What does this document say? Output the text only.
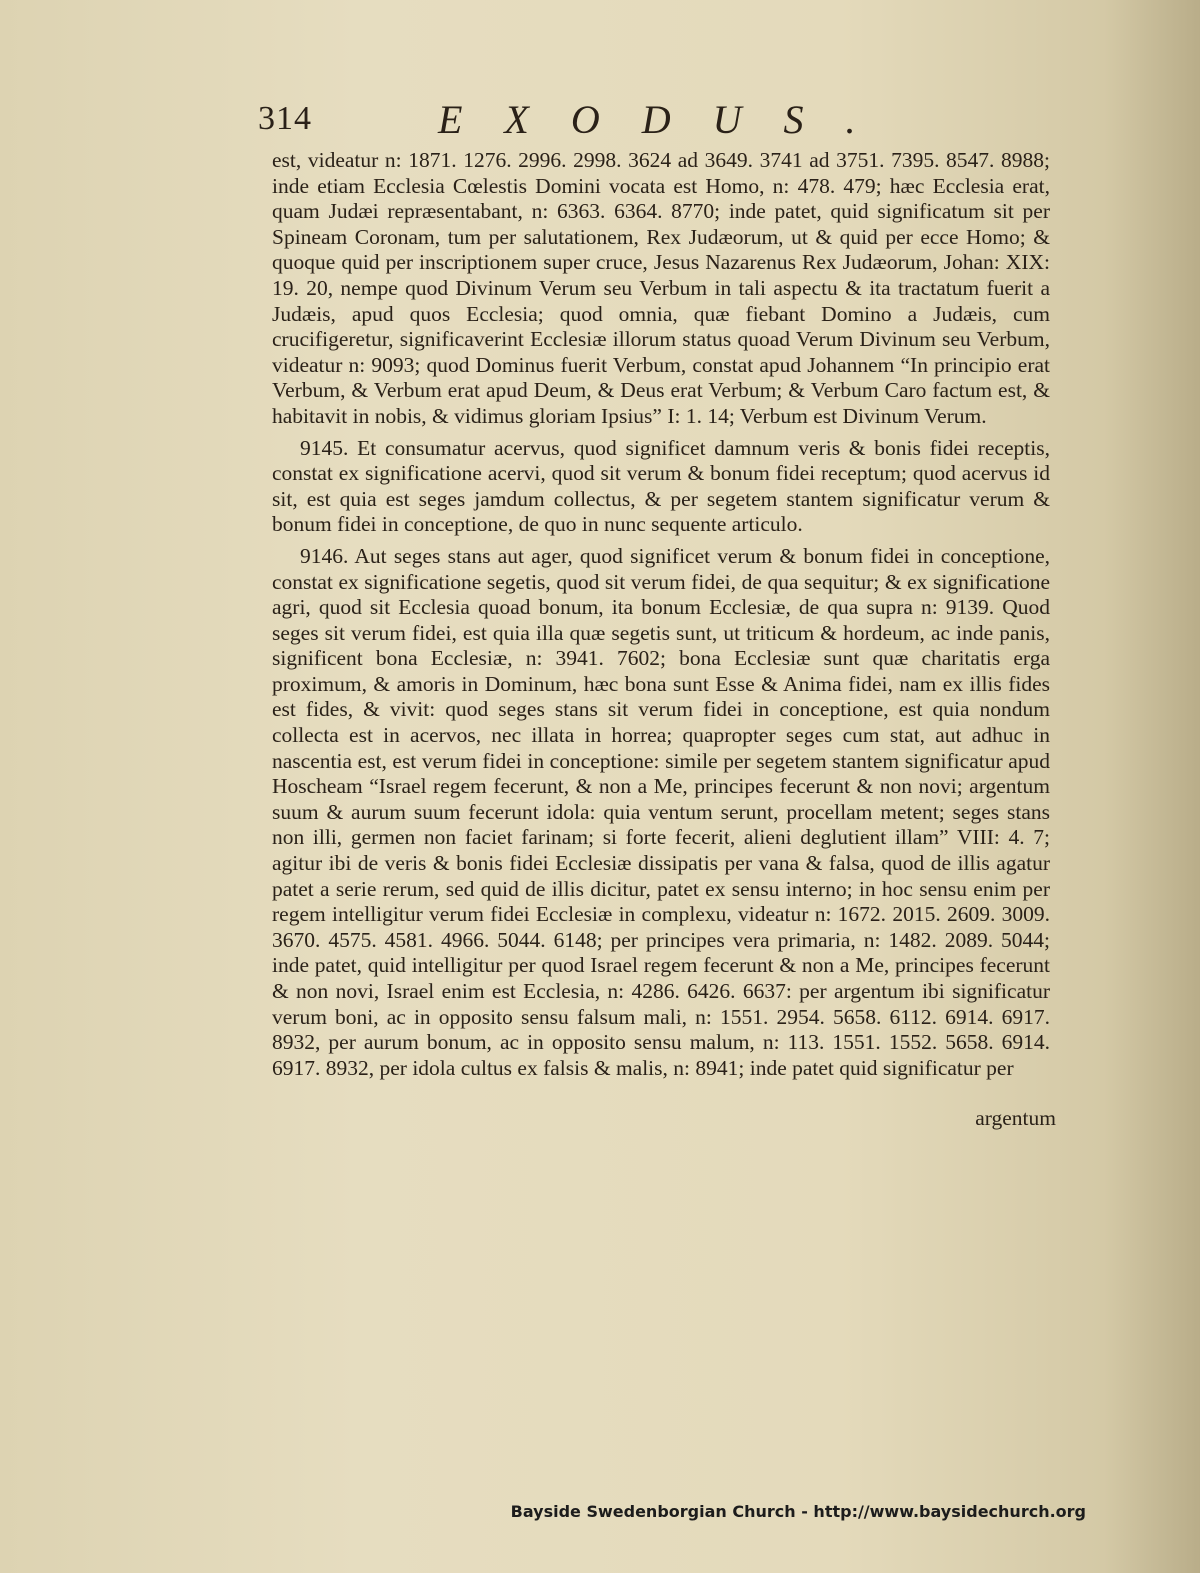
314	EXODUS.

est, videatur n: 1871. 1276. 2996. 2998. 3624 ad 3649. 3741 ad 3751. 7395. 8547. 8988; inde etiam Ecclesia Cœlestis Domini vocata est Homo, n: 478. 479; hæc Ecclesia erat, quam Judæi repræsentabant, n: 6363. 6364. 8770; inde patet, quid significatum sit per Spineam Coronam, tum per salutationem, Rex Judæorum, ut & quid per ecce Homo; & quoque quid per inscriptionem super cruce, Jesus Nazarenus Rex Judæorum, Johan: XIX: 19. 20, nempe quod Divinum Verum seu Verbum in tali aspectu & ita tractatum fuerit a Judæis, apud quos Ecclesia; quod omnia, quæ fiebant Domino a Judæis, cum crucifigeretur, significaverint Ecclesiæ illorum status quoad Verum Divinum seu Verbum, videatur n: 9093; quod Dominus fuerit Verbum, constat apud Johannem “In principio erat Verbum, & Verbum erat apud Deum, & Deus erat Verbum; & Verbum Caro factum est, & habitavit in nobis, & vidimus gloriam Ipsius” I: 1. 14; Verbum est Divinum Verum.

9145. Et consumatur acervus, quod significet damnum veris & bonis fidei receptis, constat ex significatione acervi, quod sit verum & bonum fidei receptum; quod acervus id sit, est quia est seges jamdum collectus, & per segetem stantem significatur verum & bonum fidei in conceptione, de quo in nunc sequente articulo.

9146. Aut seges stans aut ager, quod significet verum & bonum fidei in conceptione, constat ex significatione segetis, quod sit verum fidei, de qua sequitur; & ex significatione agri, quod sit Ecclesia quoad bonum, ita bonum Ecclesiæ, de qua supra n: 9139. Quod seges sit verum fidei, est quia illa quæ segetis sunt, ut triticum & hordeum, ac inde panis, significent bona Ecclesiæ, n: 3941. 7602; bona Ecclesiæ sunt quæ charitatis erga proximum, & amoris in Dominum, hæc bona sunt Esse & Anima fidei, nam ex illis fides est fides, & vivit: quod seges stans sit verum fidei in conceptione, est quia nondum collecta est in acervos, nec illata in horrea; quapropter seges cum stat, aut adhuc in nascentia est, est verum fidei in conceptione: simile per segetem stantem significatur apud Hoscheam “Israel regem fecerunt, & non a Me, principes fecerunt & non novi; argentum suum & aurum suum fecerunt idola: quia ventum serunt, procellam metent; seges stans non illi, germen non faciet farinam; si forte fecerit, alieni deglutient illam” VIII: 4. 7; agitur ibi de veris & bonis fidei Ecclesiæ dissipatis per vana & falsa, quod de illis agatur patet a serie rerum, sed quid de illis dicitur, patet ex sensu interno; in hoc sensu enim per regem intelligitur verum fidei Ecclesiæ in complexu, videatur n: 1672. 2015. 2609. 3009. 3670. 4575. 4581. 4966. 5044. 6148; per principes vera primaria, n: 1482. 2089. 5044; inde patet, quid intelligitur per quod Israel regem fecerunt & non a Me, principes fecerunt & non novi, Israel enim est Ecclesia, n: 4286. 6426. 6637: per argentum ibi significatur verum boni, ac in opposito sensu falsum mali, n: 1551. 2954. 5658. 6112. 6914. 6917. 8932, per aurum bonum, ac in opposito sensu malum, n: 113. 1551. 1552. 5658. 6914. 6917. 8932, per idola cultus ex falsis & malis, n: 8941; inde patet quid significatur per

argentum
Bayside Swedenborgian Church - http://www.baysidechurch.org
